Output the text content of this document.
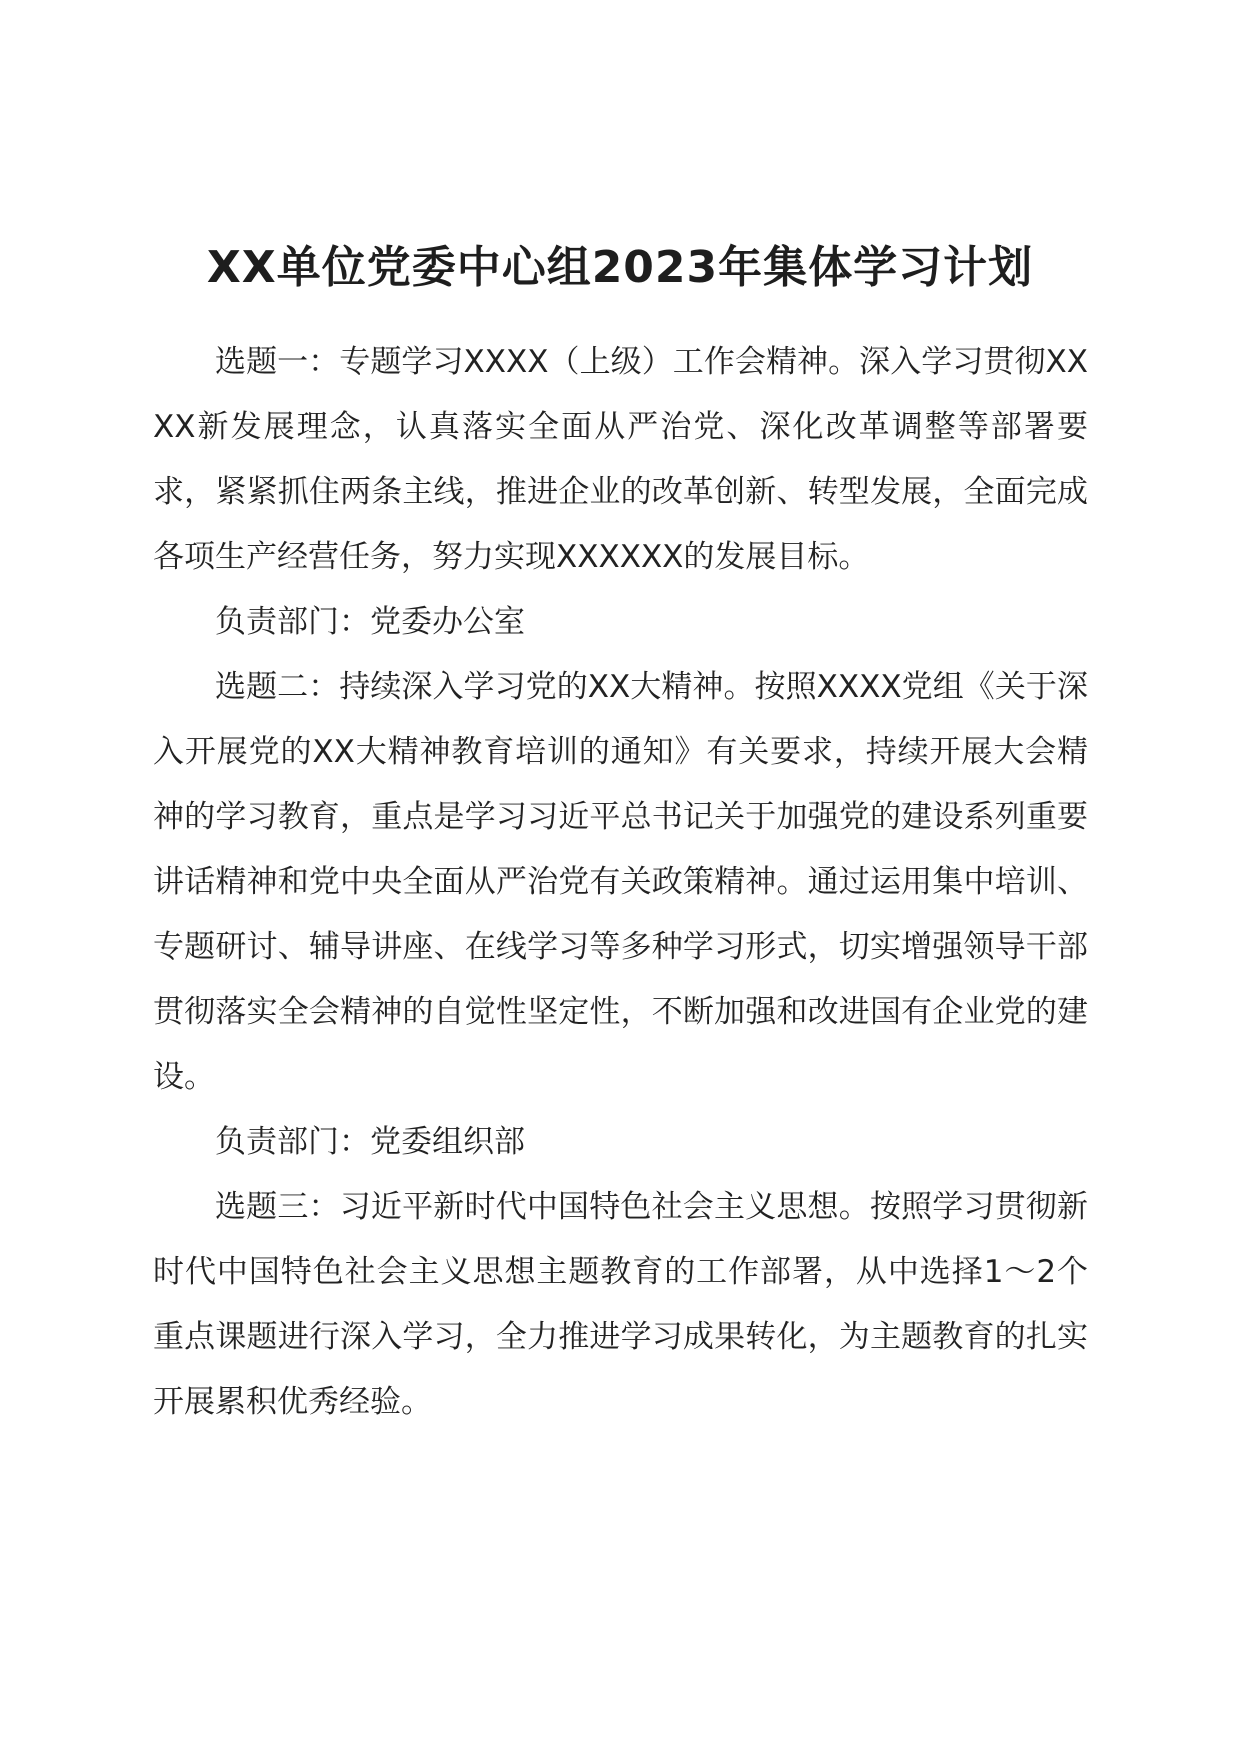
XX单位党委中心组2023年集体学习计划

选题一：专题学习XXXX（上级）工作会精神。深入学习贯彻XXXX新发展理念，认真落实全面从严治党、深化改革调整等部署要求，紧紧抓住两条主线，推进企业的改革创新、转型发展，全面完成各项生产经营任务，努力实现XXXXXX的发展目标。

负责部门：党委办公室

选题二：持续深入学习党的XX大精神。按照XXXX党组《关于深入开展党的XX大精神教育培训的通知》有关要求，持续开展大会精神的学习教育，重点是学习习近平总书记关于加强党的建设系列重要讲话精神和党中央全面从严治党有关政策精神。通过运用集中培训、专题研讨、辅导讲座、在线学习等多种学习形式，切实增强领导干部贯彻落实全会精神的自觉性坚定性，不断加强和改进国有企业党的建设。

负责部门：党委组织部

选题三：习近平新时代中国特色社会主义思想。按照学习贯彻新时代中国特色社会主义思想主题教育的工作部署，从中选择1～2个重点课题进行深入学习，全力推进学习成果转化，为主题教育的扎实开展累积优秀经验。
